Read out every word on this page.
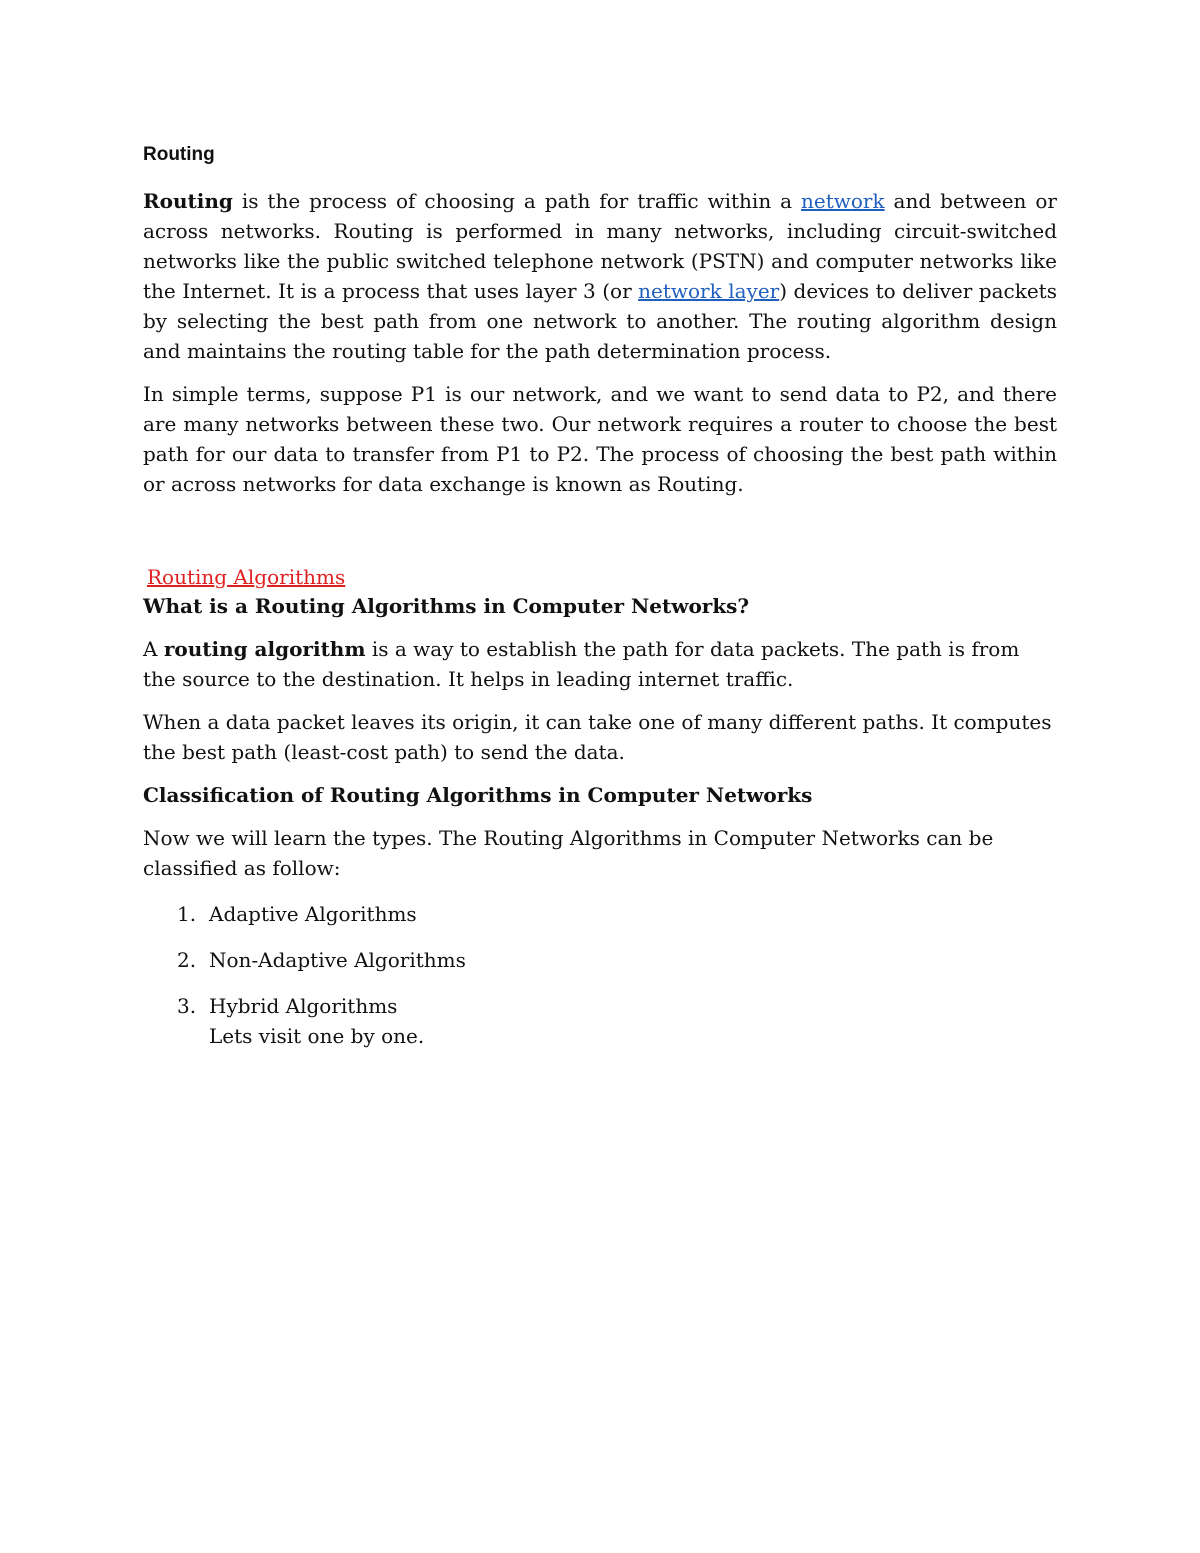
Routing

Routing is the process of choosing a path for traffic within a network and between or across networks. Routing is performed in many networks, including circuit-switched networks like the public switched telephone network (PSTN) and computer networks like the Internet. It is a process that uses layer 3 (or network layer) devices to deliver packets by selecting the best path from one network to another. The routing algorithm design and maintains the routing table for the path determination process.

In simple terms, suppose P1 is our network, and we want to send data to P2, and there are many networks between these two. Our network requires a router to choose the best path for our data to transfer from P1 to P2. The process of choosing the best path within or across networks for data exchange is known as Routing.

Routing Algorithms
What is a Routing Algorithms in Computer Networks?

A routing algorithm is a way to establish the path for data packets. The path is from the source to the destination. It helps in leading internet traffic.

When a data packet leaves its origin, it can take one of many different paths. It computes the best path (least-cost path) to send the data.

Classification of Routing Algorithms in Computer Networks

Now we will learn the types. The Routing Algorithms in Computer Networks can be classified as follow:

1. Adaptive Algorithms
2. Non-Adaptive Algorithms
3. Hybrid Algorithms
Lets visit one by one.
